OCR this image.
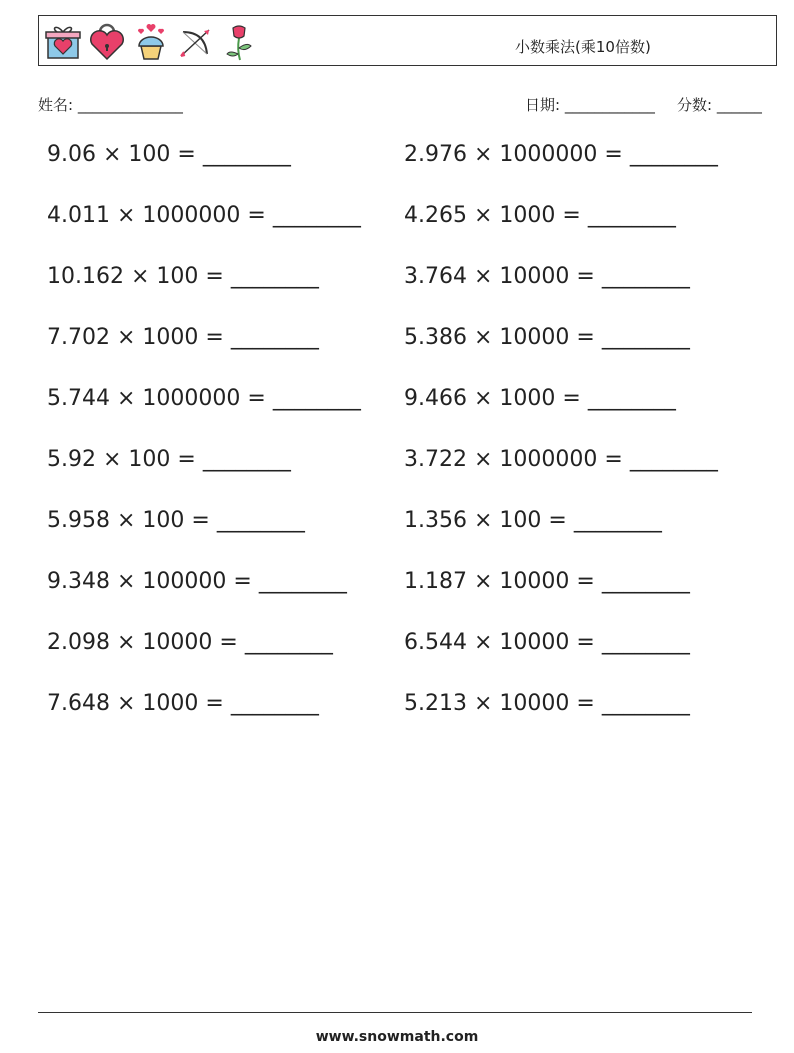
小数乘法(乘10倍数)
姓名: ______________	日期: ____________ 分数: ______
9.06 × 100 = ________	2.976 × 1000000 = ________
4.011 × 1000000 = ________ 4.265 × 1000 = ________
10.162 × 100 = ________	3.764 × 10000 = ________
7.702 × 1000 = ________	5.386 × 10000 = ________
5.744 × 1000000 = ________ 9.466 × 1000 = ________
5.92 × 100 = ________	3.722 × 1000000 = ________
5.958 × 100 = ________	1.356 × 100 = ________
9.348 × 100000 = ________	1.187 × 10000 = ________
2.098 × 10000 = ________	6.544 × 10000 = ________
7.648 × 1000 = ________	5.213 × 10000 = ________
www.snowmath.com
